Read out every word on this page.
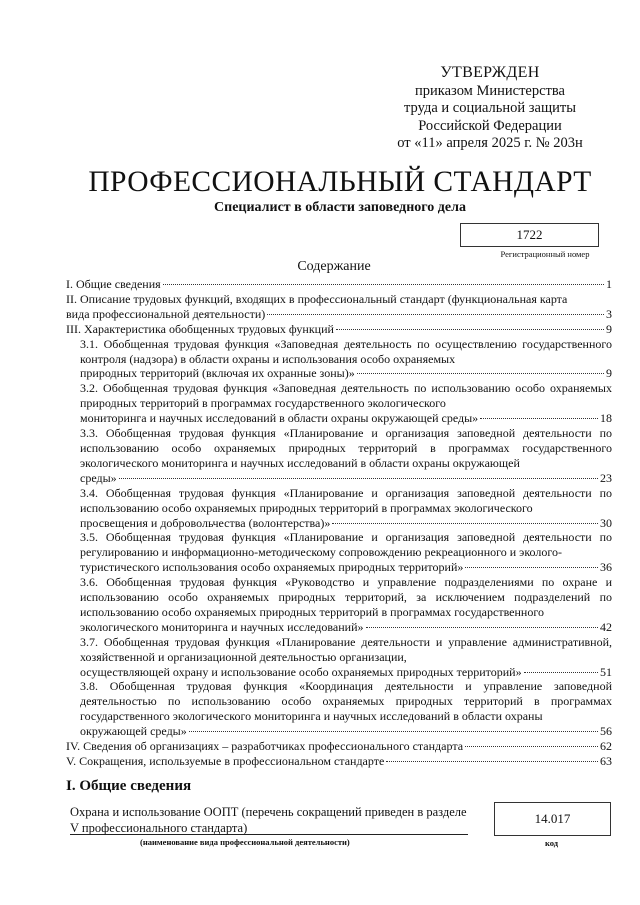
УТВЕРЖДЕН
приказом Министерства
труда и социальной защиты
Российской Федерации
от «11» апреля 2025 г. № 203н
ПРОФЕССИОНАЛЬНЫЙ СТАНДАРТ
Специалист в области заповедного дела
1722
Регистрационный номер
Содержание
I. Общие сведения	1

II. Описание трудовых функций, входящих в профессиональный стандарт (функциональная карта

вида профессиональной деятельности)	3
III. Характеристика обобщенных трудовых функций	9

3.1. Обобщенная трудовая функция «Заповедная деятельность по осуществлению государственного контроля (надзора) в области охраны и использования особо охраняемых

природных территорий (включая их охранные зоны)»	9

3.2. Обобщенная трудовая функция «Заповедная деятельность по использованию особо охраняемых природных территорий в программах государственного экологического

мониторинга и научных исследований в области охраны окружающей среды»	18

3.3. Обобщенная трудовая функция «Планирование и организация заповедной деятельности по использованию особо охраняемых природных территорий в программах государственного экологического мониторинга и научных исследований в области охраны окружающей

среды»	23

3.4. Обобщенная трудовая функция «Планирование и организация заповедной деятельности по использованию особо охраняемых природных территорий в программах экологического

просвещения и добровольчества (волонтерства)»	30

3.5. Обобщенная трудовая функция «Планирование и организация заповедной деятельности по регулированию и информационно-методическому сопровождению рекреационного и эколого-

туристического использования особо охраняемых природных территорий»	36

3.6. Обобщенная трудовая функция «Руководство и управление подразделениями по охране и использованию особо охраняемых природных территорий, за исключением подразделений по использованию особо охраняемых природных территорий в программах государственного

экологического мониторинга и научных исследований»	42

3.7. Обобщенная трудовая функция «Планирование деятельности и управление административной, хозяйственной и организационной деятельностью организации,

осуществляющей охрану и использование особо охраняемых природных территорий»	51

3.8. Обобщенная трудовая функция «Координация деятельности и управление заповедной деятельностью по использованию особо охраняемых природных территорий в программах государственного экологического мониторинга и научных исследований в области охраны

окружающей среды»	56
IV. Сведения об организациях – разработчиках профессионального стандарта	62
V. Сокращения, используемые в профессиональном стандарте	63
I. Общие сведения
Охрана и использование ООПТ (перечень сокращений приведен в разделе V профессионального стандарта)
(наименование вида профессиональной деятельности)
14.017
код
